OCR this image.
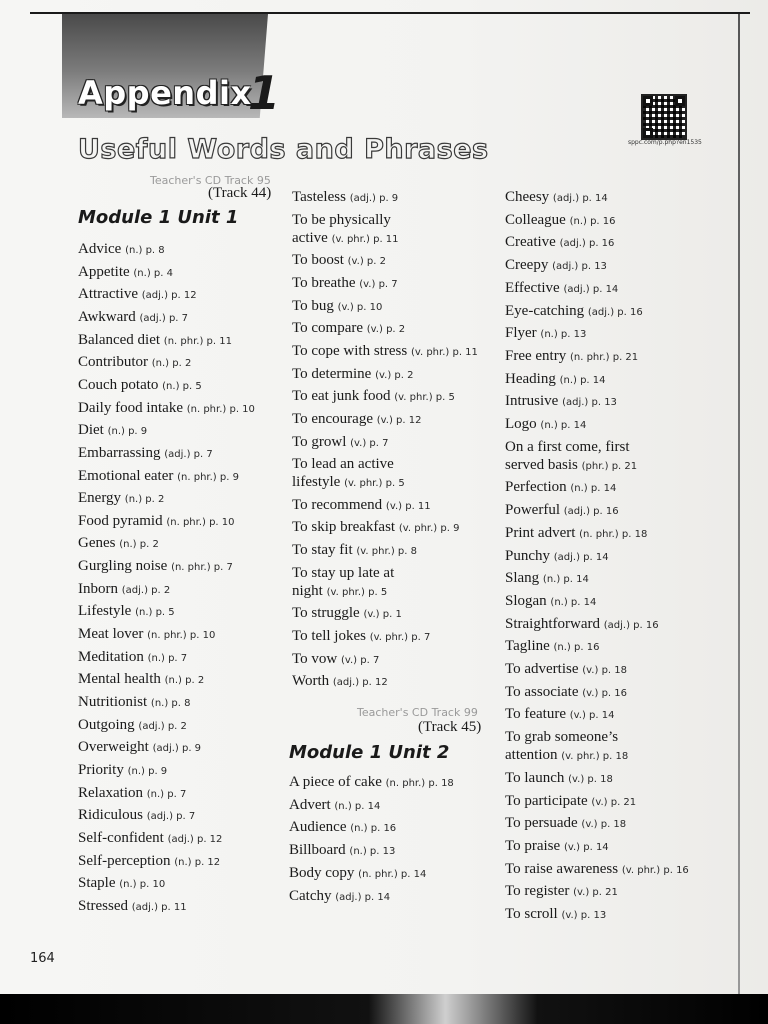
Appendix
1
Useful Words and Phrases	sppc.com/p.php?en1535
Teacher's CD Track 95
(Track 44)
Module 1 Unit 1
Advice (n.) p. 8
Appetite (n.) p. 4
Attractive (adj.) p. 12
Awkward (adj.) p. 7
Balanced diet (n. phr.) p. 11
Contributor (n.) p. 2
Couch potato (n.) p. 5
Daily food intake (n. phr.) p. 10
Diet (n.) p. 9
Embarrassing (adj.) p. 7
Emotional eater (n. phr.) p. 9
Energy (n.) p. 2
Food pyramid (n. phr.) p. 10
Genes (n.) p. 2
Gurgling noise (n. phr.) p. 7
Inborn (adj.) p. 2
Lifestyle (n.) p. 5
Meat lover (n. phr.) p. 10
Meditation (n.) p. 7
Mental health (n.) p. 2
Nutritionist (n.) p. 8
Outgoing (adj.) p. 2
Overweight (adj.) p. 9
Priority (n.) p. 9
Relaxation (n.) p. 7
Ridiculous (adj.) p. 7
Self-confident (adj.) p. 12
Self-perception (n.) p. 12
Staple (n.) p. 10
Stressed (adj.) p. 11
Tasteless (adj.) p. 9
To be physically
active (v. phr.) p. 11
To boost (v.) p. 2
To breathe (v.) p. 7
To bug (v.) p. 10
To compare (v.) p. 2
To cope with stress (v. phr.) p. 11
To determine (v.) p. 2
To eat junk food (v. phr.) p. 5
To encourage (v.) p. 12
To growl (v.) p. 7
To lead an active
lifestyle (v. phr.) p. 5
To recommend (v.) p. 11
To skip breakfast (v. phr.) p. 9
To stay fit (v. phr.) p. 8
To stay up late at
night (v. phr.) p. 5
To struggle (v.) p. 1
To tell jokes (v. phr.) p. 7
To vow (v.) p. 7
Worth (adj.) p. 12
Teacher's CD Track 99
(Track 45)
Module 1 Unit 2
A piece of cake (n. phr.) p. 18
Advert (n.) p. 14
Audience (n.) p. 16
Billboard (n.) p. 13
Body copy (n. phr.) p. 14
Catchy (adj.) p. 14
Cheesy (adj.) p. 14
Colleague (n.) p. 16
Creative (adj.) p. 16
Creepy (adj.) p. 13
Effective (adj.) p. 14
Eye-catching (adj.) p. 16
Flyer (n.) p. 13
Free entry (n. phr.) p. 21
Heading (n.) p. 14
Intrusive (adj.) p. 13
Logo (n.) p. 14
On a first come, first
served basis (phr.) p. 21
Perfection (n.) p. 14
Powerful (adj.) p. 16
Print advert (n. phr.) p. 18
Punchy (adj.) p. 14
Slang (n.) p. 14
Slogan (n.) p. 14
Straightforward (adj.) p. 16
Tagline (n.) p. 16
To advertise (v.) p. 18
To associate (v.) p. 16
To feature (v.) p. 14
To grab someone’s
attention (v. phr.) p. 18
To launch (v.) p. 18
To participate (v.) p. 21
To persuade (v.) p. 18
To praise (v.) p. 14
To raise awareness (v. phr.) p. 16
To register (v.) p. 21
To scroll (v.) p. 13
164
